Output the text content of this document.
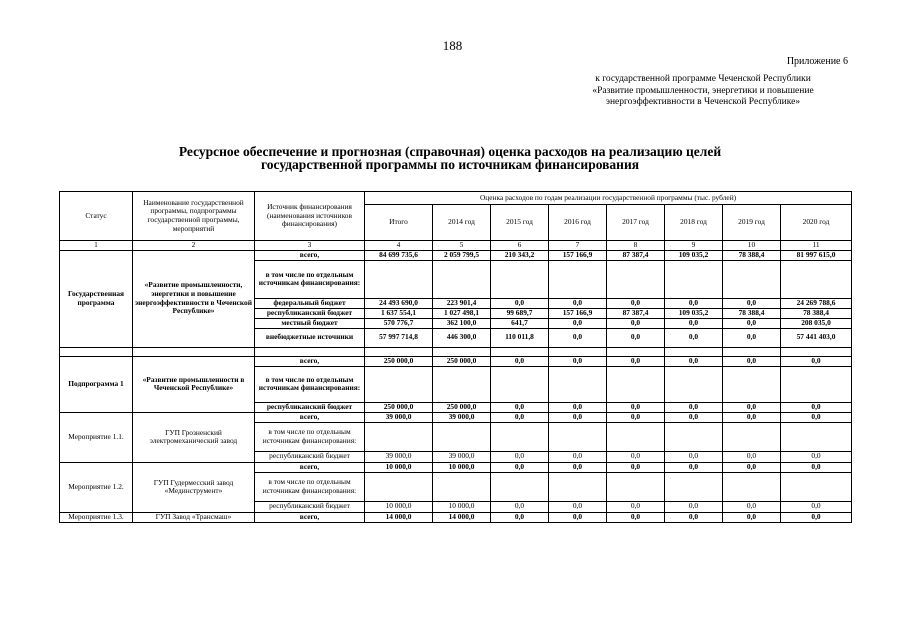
188
Приложение 6
к государственной программе Чеченской Республики
«Развитие промышленности, энергетики и повышение
энергоэффективности в Чеченской Республике»
Ресурсное обеспечение и прогнозная (справочная) оценка расходов на реализацию целей
государственной программы по источникам финансирования
Статус	Наименование государственной программы, подпрограммы государственной программы, мероприятий	Источник финансирования (наименования источников финансирования)	Оценка расходов по годам реализации государственной программы (тыс. рублей)							
			Итого	2014 год	2015 год	2016 год	2017 год	2018 год	2019 год	2020 год
1	2	3	4	5	6	7	8	9	10	11
Государственная программа	«Развитие промышленности, энергетики и повышение энергоэффективности в Чеченской Республике»	всего,	84 699 735,6	2 059 799,5	210 343,2	157 166,9	87 387,4	109 035,2	78 388,4	81 997 615,0
		в том числе по отдельным источникам финансирования:								
		федеральный бюджет	24 493 690,0	223 901,4	0,0	0,0	0,0	0,0	0,0	24 269 788,6
		республиканский бюджет	1 637 554,1	1 027 498,1	99 689,7	157 166,9	87 387,4	109 035,2	78 388,4	78 388,4
		местный бюджет	570 776,7	362 100,0	641,7	0,0	0,0	0,0	0,0	208 035,0
		внебюджетные источники	57 997 714,8	446 300,0	110 011,8	0,0	0,0	0,0	0,0	57 441 403,0

Подпрограмма 1	«Развитие промышленности в Чеченской Республике»	всего,	250 000,0	250 000,0	0,0	0,0	0,0	0,0	0,0	0,0
		в том числе по отдельным источникам финансирования:								
		республиканский бюджет	250 000,0	250 000,0	0,0	0,0	0,0	0,0	0,0	0,0
Мероприятие 1.1.	ГУП Грозненский электромеханический завод	всего,	39 000,0	39 000,0	0,0	0,0	0,0	0,0	0,0	0,0
		в том числе по отдельным источникам финансирования:								
		республиканский бюджет	39 000,0	39 000,0	0,0	0,0	0,0	0,0	0,0	0,0
Мероприятие 1.2.	ГУП Гудермесский завод «Мединструмент»	всего,	10 000,0	10 000,0	0,0	0,0	0,0	0,0	0,0	0,0
		в том числе по отдельным источникам финансирования:								
		республиканский бюджет	10 000,0	10 000,0	0,0	0,0	0,0	0,0	0,0	0,0
Мероприятие 1.3.	ГУП Завод «Трансмаш»	всего,	14 000,0	14 000,0	0,0	0,0	0,0	0,0	0,0	0,0
